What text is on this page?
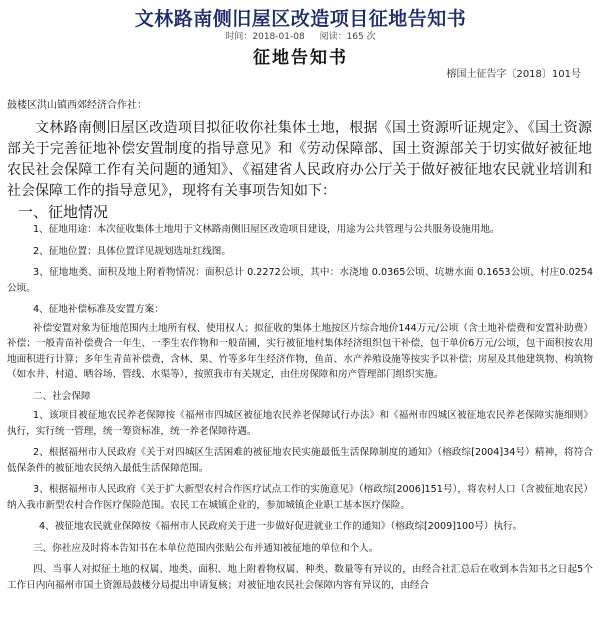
文林路南侧旧屋区改造项目征地告知书
时间：2018-01-08 阅读：165 次
征地告知书
榕国土征告字〔2018〕101号
鼓楼区洪山镇西郊经济合作社：
文林路南侧旧屋区改造项目拟征收你社集体土地，根据《国土资源听证规定》、《国土资源部关于完善征地补偿安置制度的指导意见》和《劳动保障部、国土资源部关于切实做好被征地农民社会保障工作有关问题的通知》、《福建省人民政府办公厅关于做好被征地农民就业培训和社会保障工作的指导意见》，现将有关事项告知如下：
一、征地情况

1、征地用途：本次征收集体土地用于文林路南侧旧屋区改造项目建设，用途为公共管理与公共服务设施用地。

2、征地位置：具体位置详见规划选址红线图。

3、征地地类、面积及地上附着物情况：面积总计 0.2272公顷，其中：水浇地 0.0365公顷、坑塘水面 0.1653公顷、村庄0.0254公顷。

4、征地补偿标准及安置方案：

补偿安置对象为征地范围内土地所有权、使用权人；拟征收的集体土地按区片综合地价144万元/公顷（含土地补偿费和安置补助费）补偿；一般青苗补偿费合一年生、一季生农作物和一般苗圃，实行被征地村集体经济组织包干补偿，包干单价6万元/公顷，包干面积按农用地面积进行计算；多年生青苗补偿费，含林、果、竹等多年生经济作物，鱼苗、水产养殖设施等按实予以补偿；房屋及其他建筑物、构筑物（如水井、村道、晒谷场、管线、水渠等），按照我市有关规定，由住房保障和房产管理部门组织实施。

二、社会保障

1、该项目被征地农民养老保障按《福州市四城区被征地农民养老保障试行办法》和《福州市四城区被征地农民养老保障实施细则》执行，实行统一管理，统一筹资标准，统一养老保障待遇。

2、根据福州市人民政府《关于对四城区生活困难的被征地农民实施最低生活保障制度的通知》（榕政综[2004]34号）精神，将符合低保条件的被征地农民纳入最低生活保障范围。

3、根据福州市人民政府《关于扩大新型农村合作医疗试点工作的实施意见》（榕政综[2006]151号），将农村人口（含被征地农民）纳入我市新型农村合作医疗保险范围。农民工在城镇企业的，参加城镇企业职工基本医疗保险。

4、被征地农民就业保障按《福州市人民政府关于进一步做好促进就业工作的通知》（榕政综[2009]100号）执行。

三、你社应及时将本告知书在本单位范围内张贴公布并通知被征地的单位和个人。

四、当事人对拟征土地的权属、地类、面积、地上附着物权属、种类、数量等有异议的，由经合社汇总后在收到本告知书之日起5个工作日内向福州市国土资源局鼓楼分局提出申请复核；对被征地农民社会保障内容有异议的，由经合
